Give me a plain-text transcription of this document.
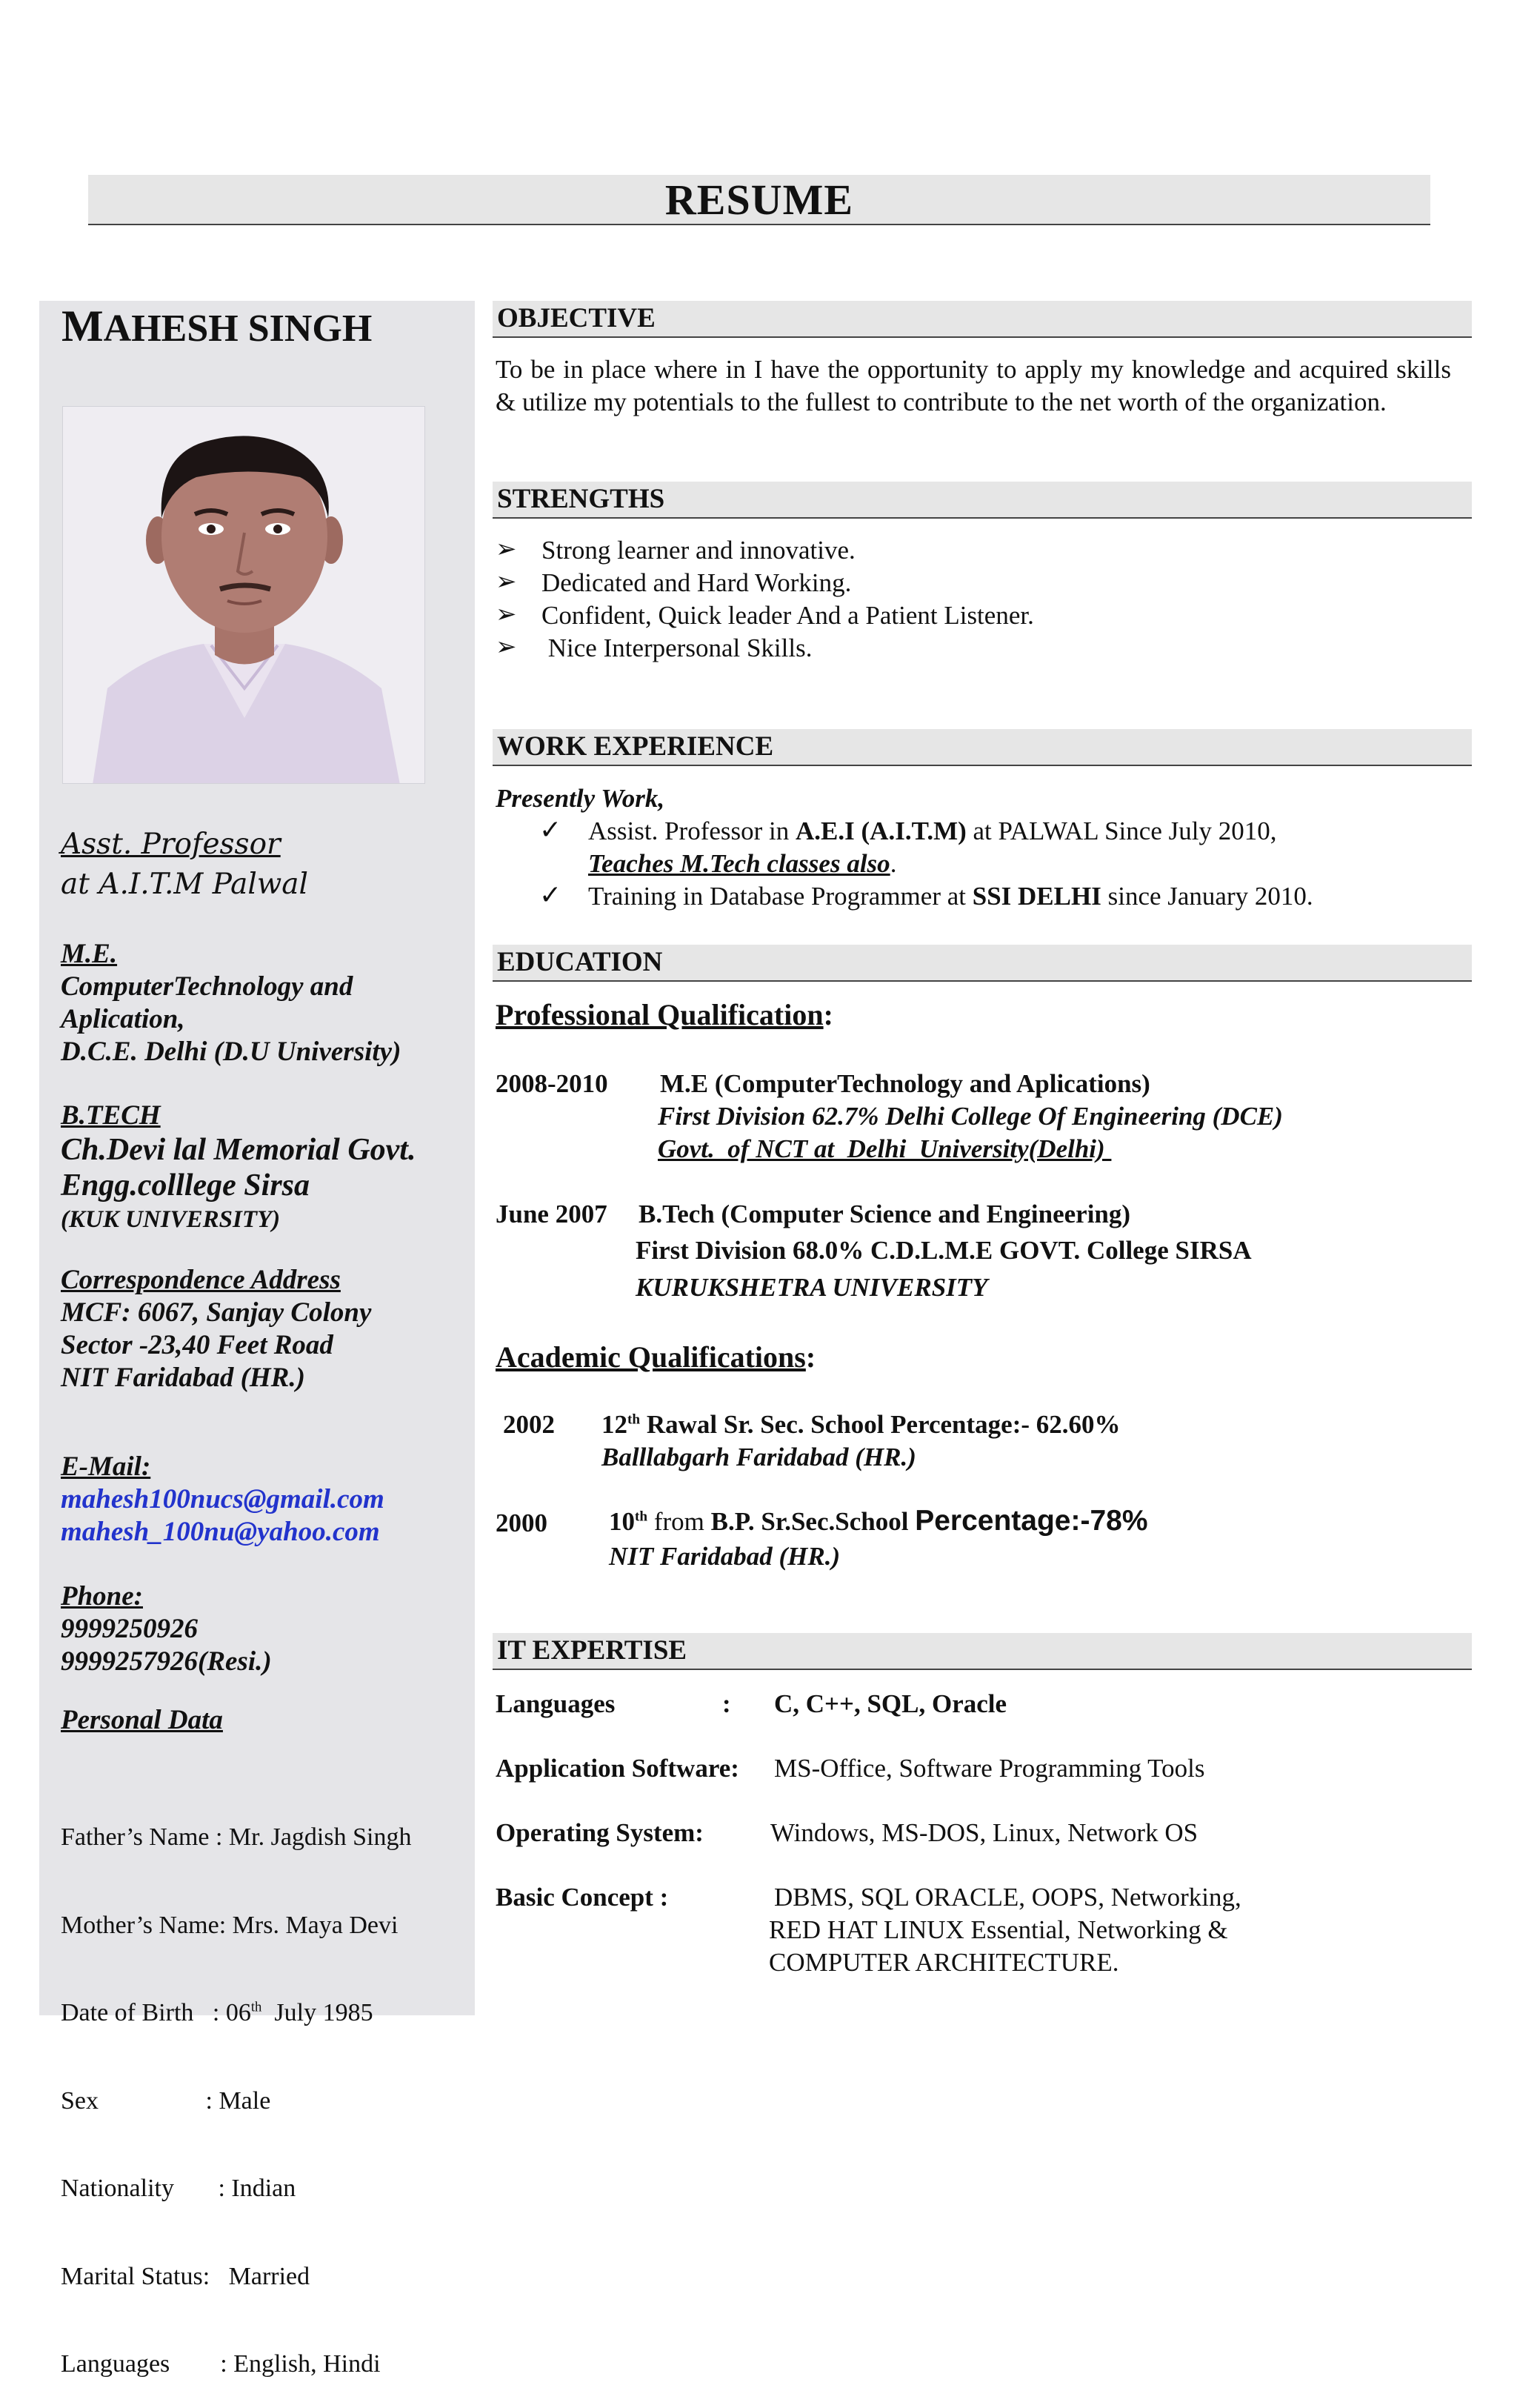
RESUME
MAHESH SINGH
Asst. Professor
at A.I.T.M Palwal
M.E.
ComputerTechnology and
Aplication,
D.C.E. Delhi (D.U University)
B.TECH
Ch.Devi lal Memorial Govt.
Engg.colllege Sirsa
(KUK UNIVERSITY)
Correspondence Address
MCF: 6067, Sanjay Colony
Sector -23,40 Feet Road
NIT Faridabad (HR.)
E-Mail:
mahesh100nucs@gmail.com
mahesh_100nu@yahoo.com
Phone:
9999250926
9999257926(Resi.)
Personal Data

Father’s Name : Mr. Jagdish Singh

Mother’s Name: Mrs. Maya Devi

Date of Birth   : 06th  July 1985

Sex                 : Male

Nationality       : Indian

Marital Status:   Married

Languages        : English, Hindi

OBJECTIVE
To be in place where in I have the opportunity to apply my knowledge and acquired skills & utilize my potentials to the fullest to contribute to the net worth of the organization.
STRENGTHS
➢ Strong learner and innovative.
➢ Dedicated and Hard Working.
➢ Confident, Quick leader And a Patient Listener.
➢ Nice Interpersonal Skills.
WORK EXPERIENCE
Presently Work,
✓ Assist. Professor in A.E.I (A.I.T.M) at PALWAL Since July 2010,
Teaches M.Tech classes also.
✓ Training in Database Programmer at SSI DELHI since January 2010.
EDUCATION
Professional Qualification:
2008-2010 M.E (ComputerTechnology and Aplications)
First Division 62.7% Delhi College Of Engineering (DCE)
Govt.  of NCT at  Delhi  University(Delhi)
June 2007 B.Tech (Computer Science and Engineering)
First Division 68.0% C.D.L.M.E GOVT. College SIRSA
KURUKSHETRA UNIVERSITY
Academic Qualifications:
2002 12th Rawal Sr. Sec. School Percentage:- 62.60%
Balllabgarh Faridabad (HR.)
2000 10th from B.P. Sr.Sec.School Percentage:-78%
NIT Faridabad (HR.)
IT EXPERTISE
Languages	: C, C++, SQL, Oracle
Application Software: MS-Office, Software Programming Tools
Operating System:	Windows, MS-DOS, Linux, Network OS
Basic Concept :	DBMS, SQL ORACLE, OOPS, Networking,
RED HAT LINUX Essential, Networking &
COMPUTER ARCHITECTURE.
